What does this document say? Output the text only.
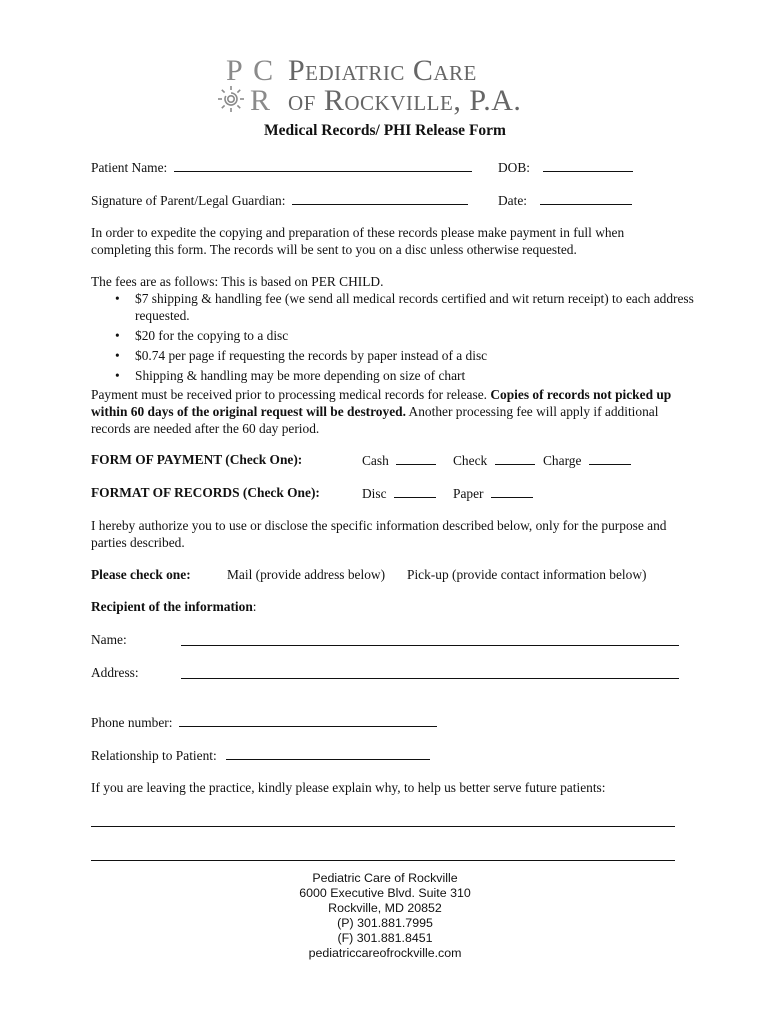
P C
R
Pediatric Care
of Rockville, P.A.
Medical Records/ PHI Release Form
Patient Name:	DOB:
Signature of Parent/Legal Guardian:	Date:
In order to expedite the copying and preparation of these records please make payment in full when completing this form. The records will be sent to you on a disc unless otherwise requested.
The fees are as follows: This is based on PER CHILD.
• $7 shipping & handling fee (we send all medical records certified and wit return receipt) to each address requested.
• $20 for the copying to a disc
• $0.74 per page if requesting the records by paper instead of a disc
• Shipping & handling may be more depending on size of chart
Payment must be received prior to processing medical records for release. Copies of records not picked up within 60 days of the original request will be destroyed. Another processing fee will apply if additional records are needed after the 60 day period.
FORM OF PAYMENT (Check One):	Cash	Check	Charge
FORMAT OF RECORDS (Check One):	Disc	Paper
I hereby authorize you to use or disclose the specific information described below, only for the purpose and parties described.
Please check one:	Mail (provide address below) Pick-up (provide contact information below)
Recipient of the information:
Name:
Address:
Phone number:
Relationship to Patient:
If you are leaving the practice, kindly please explain why, to help us better serve future patients:
Pediatric Care of Rockville
6000 Executive Blvd. Suite 310
Rockville, MD 20852
(P) 301.881.7995
(F) 301.881.8451
pediatriccareofrockville.com
